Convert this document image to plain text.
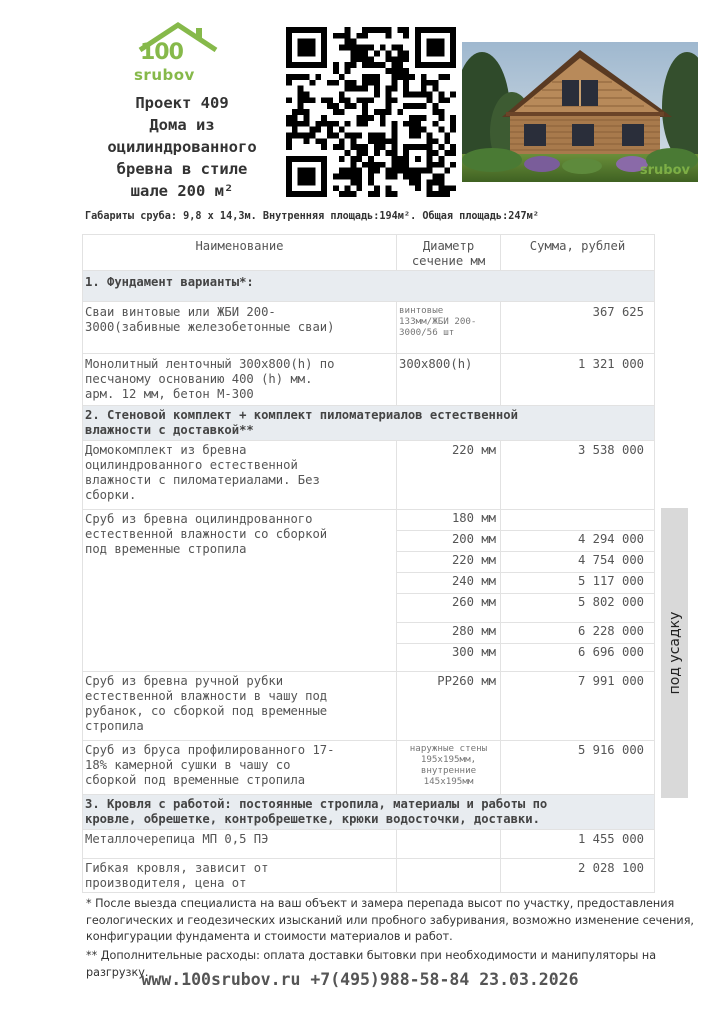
100
srubov
Проект 409
Дома из
оцилиндрованного
бревна в стиле
шале 200 м²
srubov
Габариты сруба: 9,8 х 14,3м. Внутренняя площадь:194м². Общая площадь:247м²
Наименование	Диаметр
сечение мм	Сумма, рублей
1. Фундамент варианты*:		
Сваи винтовые или ЖБИ 200-
3000(забивные железобетонные сваи)	винтовые
133мм/ЖБИ 200-
3000/56 шт	367 625
Монолитный ленточный 300х800(h) по
песчаному основанию 400 (h) мм.
арм. 12 мм, бетон М-300	300х800(h)	1 321 000
2. Стеновой комплект + комплект пиломатериалов естественной
влажности с доставкой**		
Домокомплект из бревна
оцилиндрованного естественной
влажности с пиломатериалами. Без
сборки.	220 мм	3 538 000
Сруб из бревна оцилиндрованного
естественной влажности со сборкой
под временные стропила	180 мм	
	200 мм	4 294 000
	220 мм	4 754 000
	240 мм	5 117 000
	260 мм	5 802 000
	280 мм	6 228 000
	300 мм	6 696 000
Сруб из бревна ручной рубки
естественной влажности в чашу под
рубанок, со сборкой под временные
стропила	РР260 мм	7 991 000
Сруб из бруса профилированного 17-
18% камерной сушки в чашу со
сборкой под временные стропила	наружные стены
195х195мм,
внутренние
145х195мм	5 916 000
3. Кровля с работой: постоянные стропила, материалы и работы по
кровле, обрешетке, контробрешетке, крюки водосточки, доставки.		
Металлочерепица МП 0,5 ПЭ		1 455 000
Гибкая кровля, зависит от
производителя, цена от		2 028 100
под усадку
* После выезда специалиста на ваш объект и замера перепада высот по участку, предоставления геологических и геодезических изысканий или пробного забуривания, возможно изменение сечения, конфигурации фундамента и стоимости материалов и работ.
** Дополнительные расходы: оплата доставки бытовки при необходимости и манипуляторы на разгрузку.
www.100srubov.ru +7(495)988-58-84 23.03.2026
